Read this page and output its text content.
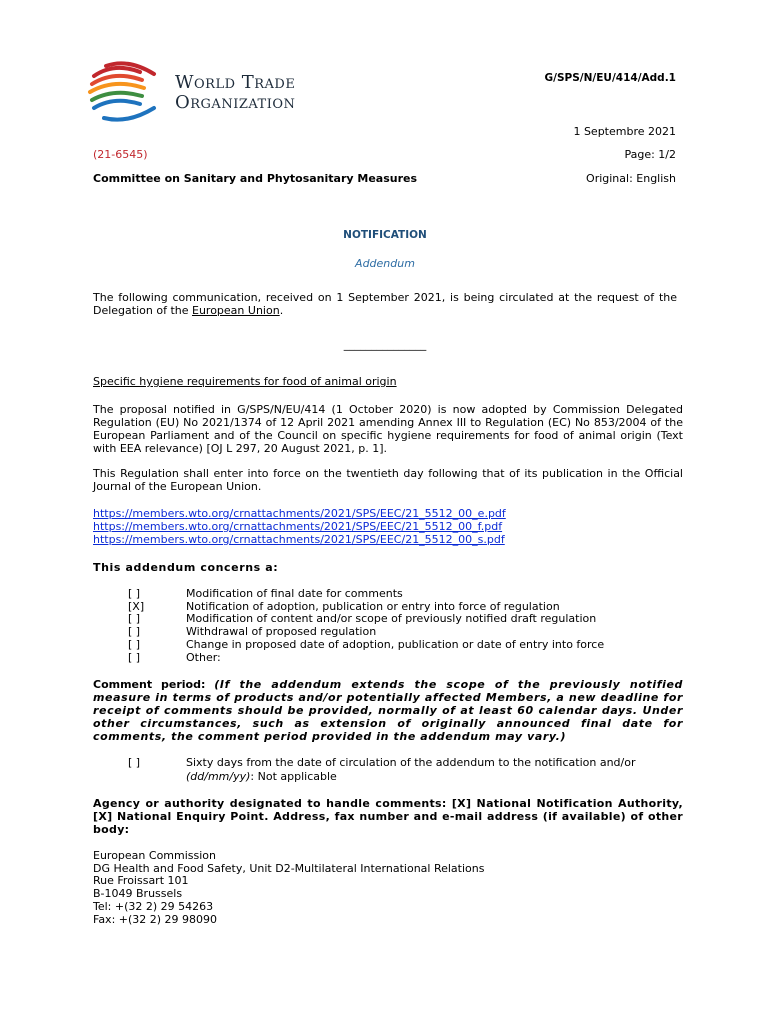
World Trade
Organization
G/SPS/N/EU/414/Add.1
1 Septembre 2021
(21-6545)	Page: 1/2
Committee on Sanitary and Phytosanitary Measures	Original: English
NOTIFICATION
Addendum
The following communication, received on 1 September 2021, is being circulated at the request of the Delegation of the European Union.
_______________
Specific hygiene requirements for food of animal origin
The proposal notified in G/SPS/N/EU/414 (1 October 2020) is now adopted by Commission Delegated Regulation (EU) No 2021/1374 of 12 April 2021 amending Annex III to Regulation (EC) No 853/2004 of the European Parliament and of the Council on specific hygiene requirements for food of animal origin (Text with EEA relevance) [OJ L 297, 20 August 2021, p. 1].
This Regulation shall enter into force on the twentieth day following that of its publication in the Official Journal of the European Union.
https://members.wto.org/crnattachments/2021/SPS/EEC/21_5512_00_e.pdf
https://members.wto.org/crnattachments/2021/SPS/EEC/21_5512_00_f.pdf
https://members.wto.org/crnattachments/2021/SPS/EEC/21_5512_00_s.pdf
This addendum concerns a:
[ ]	Modification of final date for comments
[X]	Notification of adoption, publication or entry into force of regulation
[ ]	Modification of content and/or scope of previously notified draft regulation
[ ]	Withdrawal of proposed regulation
[ ]	Change in proposed date of adoption, publication or date of entry into force
[ ]	Other:
Comment period: (If the addendum extends the scope of the previously notified measure in terms of products and/or potentially affected Members, a new deadline for receipt of comments should be provided, normally of at least 60 calendar days. Under other circumstances, such as extension of originally announced final date for comments, the comment period provided in the addendum may vary.)
[ ]	Sixty days from the date of circulation of the addendum to the notification and/or
(dd/mm/yy): Not applicable
Agency or authority designated to handle comments: [X] National Notification Authority, [X] National Enquiry Point. Address, fax number and e-mail address (if available) of other body:
European Commission
DG Health and Food Safety, Unit D2-Multilateral International Relations
Rue Froissart 101
B-1049 Brussels
Tel: +(32 2) 29 54263
Fax: +(32 2) 29 98090
